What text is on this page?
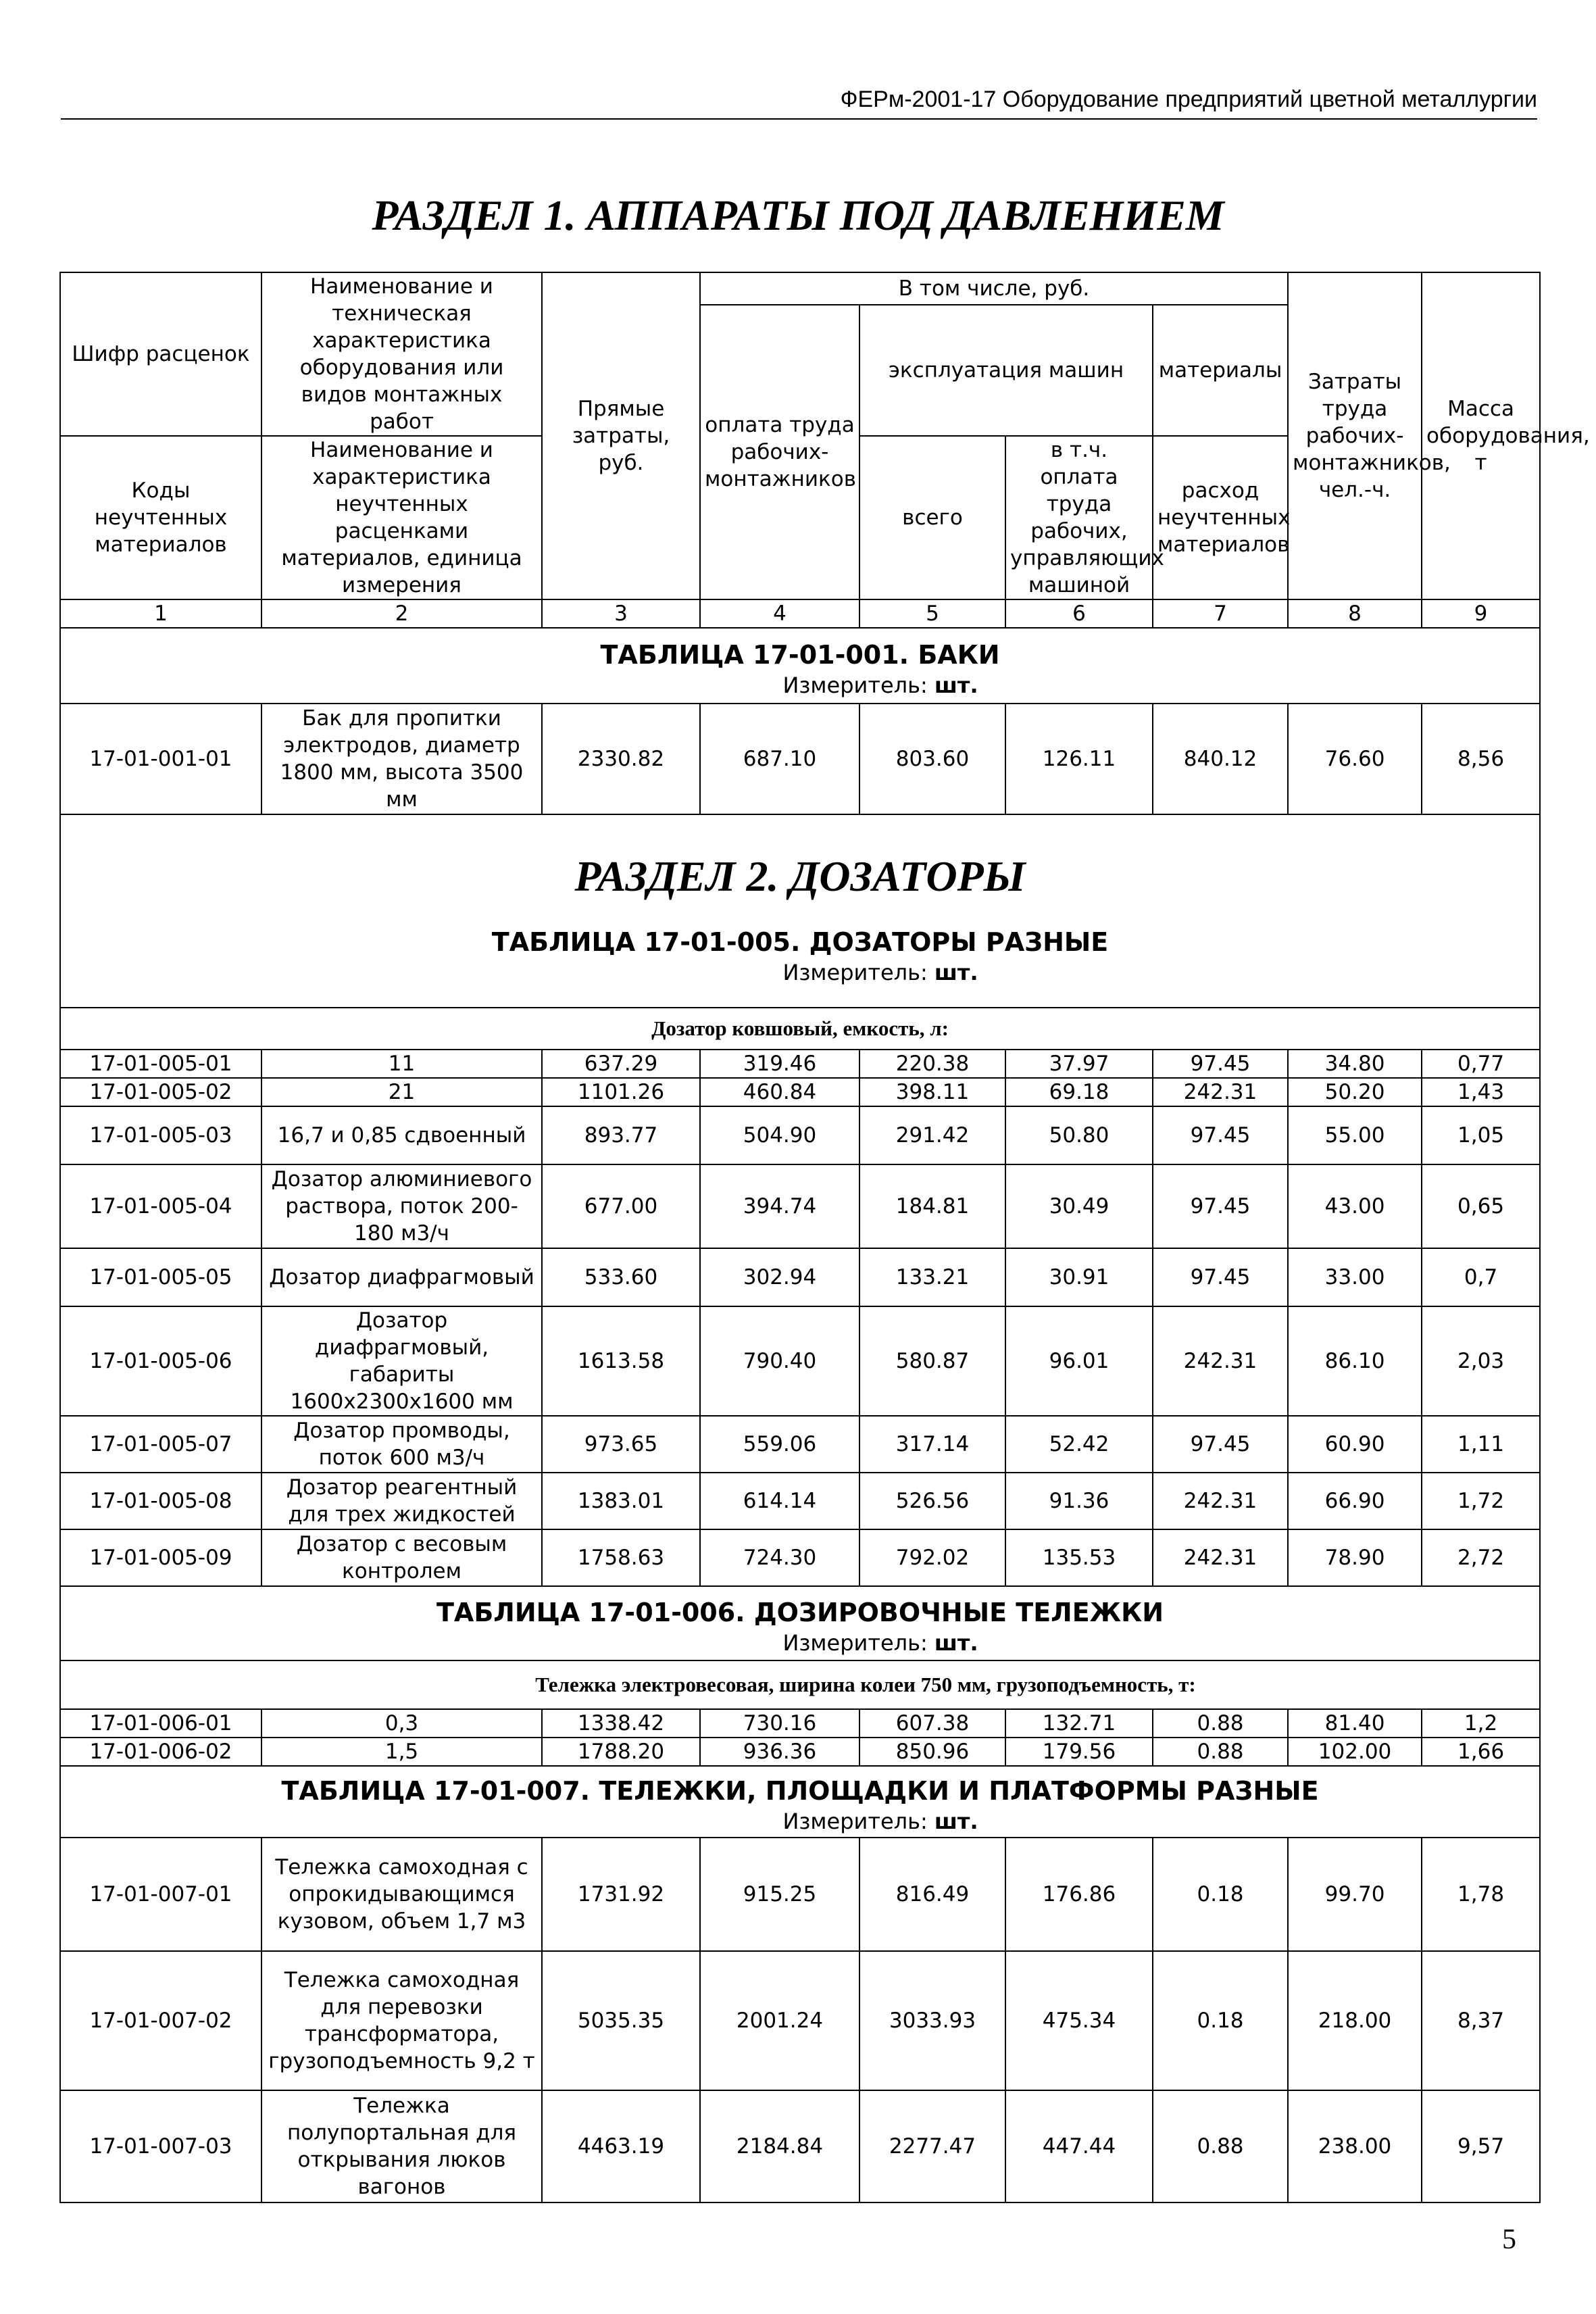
ФЕРм-2001-17 Оборудование предприятий цветной металлургии
РАЗДЕЛ 1. АППАРАТЫ ПОД ДАВЛЕНИЕМ
Шифр расценок	Наименование и техническая характеристика оборудования или видов монтажных работ	Прямые затраты, руб.	В том числе, руб.				Затраты труда рабочих-монтажников, чел.-ч.	Масса оборудования, т
			оплата труда рабочих-монтажников	эксплуатация машин		материалы		
Коды неучтенных материалов	Наименование и характеристика неучтенных расценками материалов, единица измерения			всего	в т.ч. оплата труда рабочих, управляющих машиной	расход неучтенных материалов		

1	2	3	4	5	6	7	8	9

ТАБЛИЦА 17-01-001. БАКИ
Измеритель: шт.								

17-01-001-01	Бак для пропитки электродов, диаметр 1800 мм, высота 3500 мм	2330.82	687.10	803.60	126.11	840.12	76.60	8,56

РАЗДЕЛ 2. ДОЗАТОРЫ
ТАБЛИЦА 17-01-005. ДОЗАТОРЫ РАЗНЫЕ
Измеритель: шт.								

Дозатор ковшовый, емкость, л:								
17-01-005-01	11	637.29	319.46	220.38	37.97	97.45	34.80	0,77
17-01-005-02	21	1101.26	460.84	398.11	69.18	242.31	50.20	1,43
17-01-005-03	16,7 и 0,85 сдвоенный	893.77	504.90	291.42	50.80	97.45	55.00	1,05
17-01-005-04	Дозатор алюминиевого раствора, поток 200-180 м3/ч	677.00	394.74	184.81	30.49	97.45	43.00	0,65
17-01-005-05	Дозатор диафрагмовый	533.60	302.94	133.21	30.91	97.45	33.00	0,7
17-01-005-06	Дозатор диафрагмовый, габариты 1600х2300х1600 мм	1613.58	790.40	580.87	96.01	242.31	86.10	2,03
17-01-005-07	Дозатор промводы, поток 600 м3/ч	973.65	559.06	317.14	52.42	97.45	60.90	1,11
17-01-005-08	Дозатор реагентный для трех жидкостей	1383.01	614.14	526.56	91.36	242.31	66.90	1,72
17-01-005-09	Дозатор с весовым контролем	1758.63	724.30	792.02	135.53	242.31	78.90	2,72

ТАБЛИЦА 17-01-006. ДОЗИРОВОЧНЫЕ ТЕЛЕЖКИ
Измеритель: шт.								

Тележка электровесовая, ширина колеи 750 мм, грузоподъемность, т:								
17-01-006-01	0,3	1338.42	730.16	607.38	132.71	0.88	81.40	1,2
17-01-006-02	1,5	1788.20	936.36	850.96	179.56	0.88	102.00	1,66

ТАБЛИЦА 17-01-007. ТЕЛЕЖКИ, ПЛОЩАДКИ И ПЛАТФОРМЫ РАЗНЫЕ
Измеритель: шт.								

17-01-007-01	Тележка самоходная с опрокидывающимся кузовом, объем 1,7 м3	1731.92	915.25	816.49	176.86	0.18	99.70	1,78
17-01-007-02	Тележка самоходная для перевозки трансформатора, грузоподъемность 9,2 т	5035.35	2001.24	3033.93	475.34	0.18	218.00	8,37
17-01-007-03	Тележка полупортальная для открывания люков вагонов	4463.19	2184.84	2277.47	447.44	0.88	238.00	9,57
5
